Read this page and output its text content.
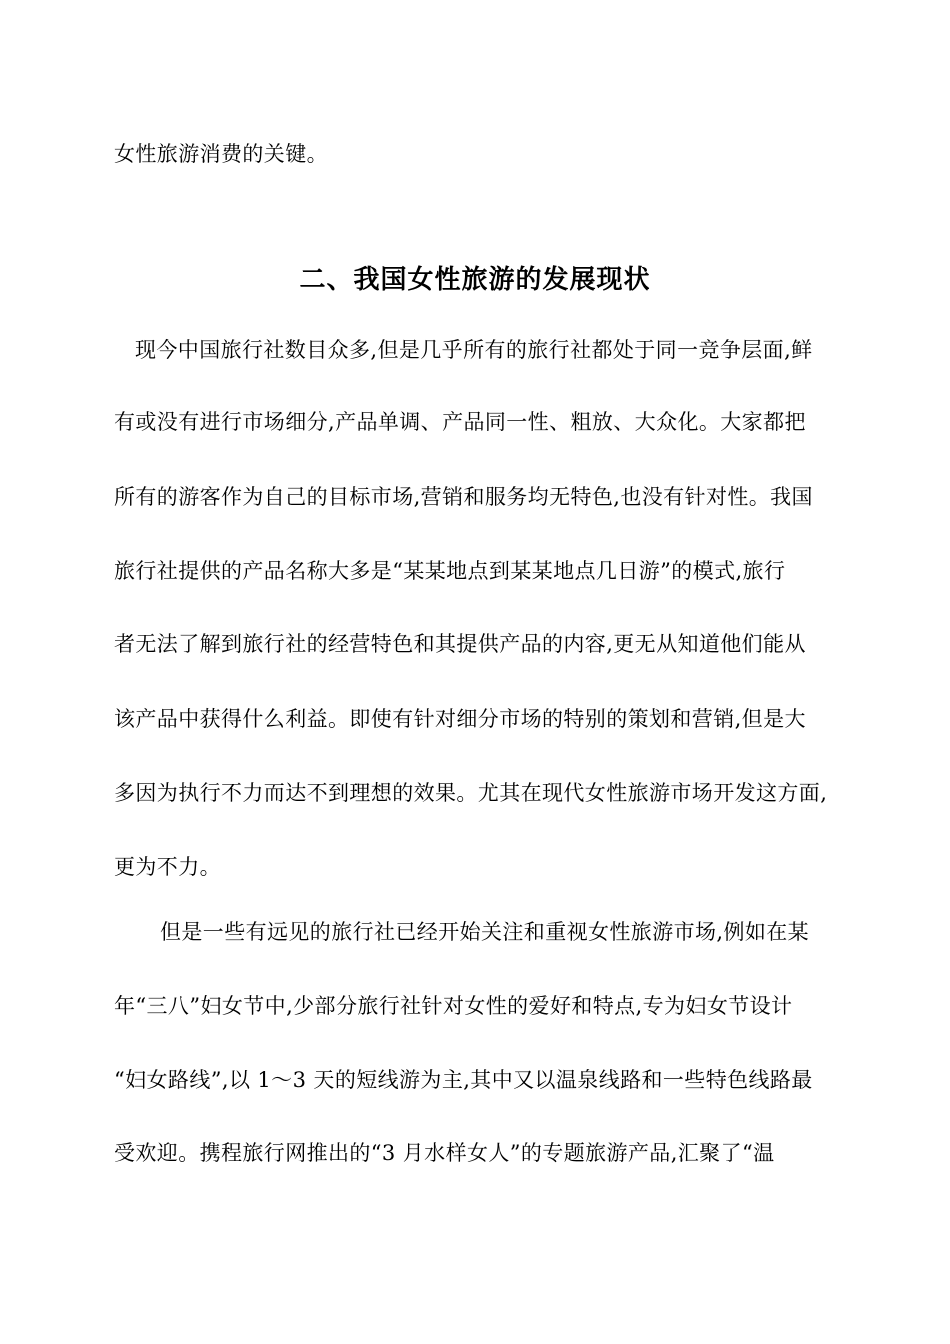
女性旅游消费的关键。
二、我国女性旅游的发展现状
现今中国旅行社数目众多,但是几乎所有的旅行社都处于同一竞争层面,鲜
有或没有进行市场细分,产品单调、产品同一性、粗放、大众化。大家都把
所有的游客作为自己的目标市场,营销和服务均无特色,也没有针对性。我国
旅行社提供的产品名称大多是“某某地点到某某地点几日游”的模式,旅行
者无法了解到旅行社的经营特色和其提供产品的内容,更无从知道他们能从
该产品中获得什么利益。即使有针对细分市场的特别的策划和营销,但是大
多因为执行不力而达不到理想的效果。尤其在现代女性旅游市场开发这方面,
更为不力。
但是一些有远见的旅行社已经开始关注和重视女性旅游市场,例如在某
年“三八”妇女节中,少部分旅行社针对女性的爱好和特点,专为妇女节设计
“妇女路线”,以 1～3 天的短线游为主,其中又以温泉线路和一些特色线路最
受欢迎。携程旅行网推出的“3 月水样女人”的专题旅游产品,汇聚了“温
